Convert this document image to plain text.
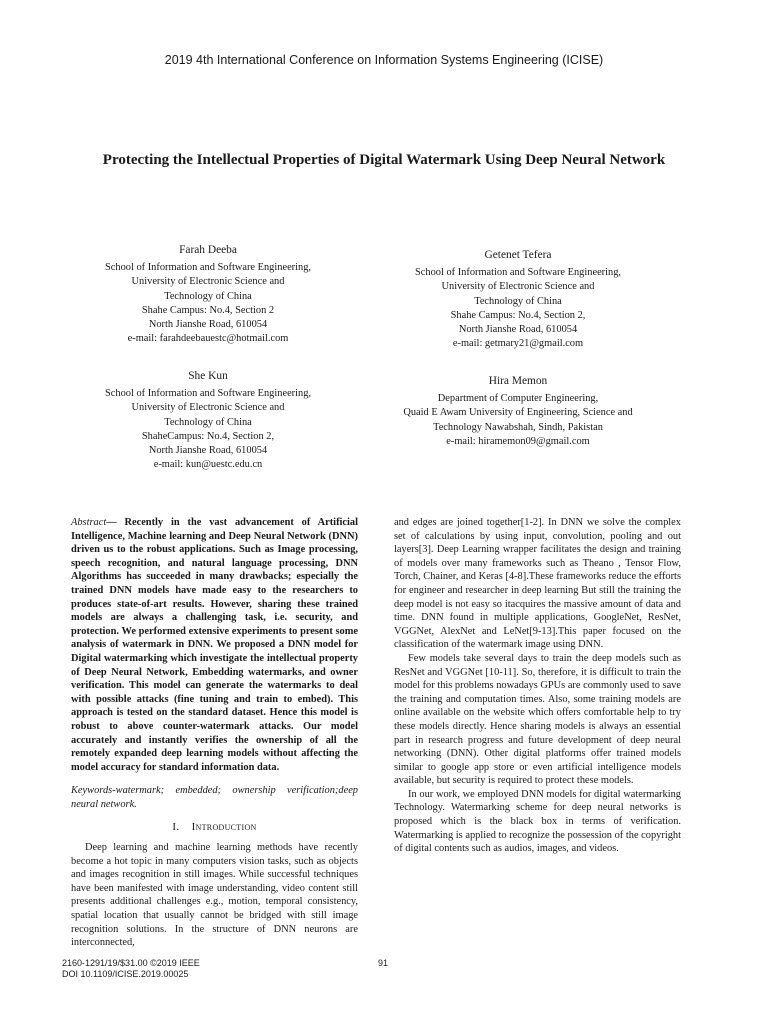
2019 4th International Conference on Information Systems Engineering (ICISE)
Protecting the Intellectual Properties of Digital Watermark Using Deep Neural Network
Farah Deeba
School of Information and Software Engineering,
University of Electronic Science and
Technology of China
Shahe Campus: No.4, Section 2
North Jianshe Road, 610054
e-mail: farahdeebauestc@hotmail.com
Getenet Tefera
School of Information and Software Engineering,
University of Electronic Science and
Technology of China
Shahe Campus: No.4, Section 2,
North Jianshe Road, 610054
e-mail: getmary21@gmail.com
She Kun
School of Information and Software Engineering,
University of Electronic Science and
Technology of China
ShaheCampus: No.4, Section 2,
North Jianshe Road, 610054
e-mail: kun@uestc.edu.cn
Hira Memon
Department of Computer Engineering,
Quaid E Awam University of Engineering, Science and
Technology Nawabshah, Sindh, Pakistan
e-mail: hiramemon09@gmail.com

Abstract— Recently in the vast advancement of Artificial Intelligence, Machine learning and Deep Neural Network (DNN) driven us to the robust applications. Such as Image processing, speech recognition, and natural language processing, DNN Algorithms has succeeded in many drawbacks; especially the trained DNN models have made easy to the researchers to produces state-of-art results. However, sharing these trained models are always a challenging task, i.e. security, and protection. We performed extensive experiments to present some analysis of watermark in DNN. We proposed a DNN model for Digital watermarking which investigate the intellectual property of Deep Neural Network, Embedding watermarks, and owner verification. This model can generate the watermarks to deal with possible attacks (fine tuning and train to embed). This approach is tested on the standard dataset. Hence this model is robust to above counter-watermark attacks. Our model accurately and instantly verifies the ownership of all the remotely expanded deep learning models without affecting the model accuracy for standard information data.

Keywords-watermark; embedded; ownership verification;deep neural network.

I. Introduction

Deep learning and machine learning methods have recently become a hot topic in many computers vision tasks, such as objects and images recognition in still images. While successful techniques have been manifested with image understanding, video content still presents additional challenges e.g., motion, temporal consistency, spatial location that usually cannot be bridged with still image recognition solutions. In the structure of DNN neurons are interconnected,

and edges are joined together[1-2]. In DNN we solve the complex set of calculations by using input, convolution, pooling and out layers[3]. Deep Learning wrapper facilitates the design and training of models over many frameworks such as Theano , Tensor Flow, Torch, Chainer, and Keras [4-8].These frameworks reduce the efforts for engineer and researcher in deep learning But still the training the deep model is not easy so itacquires the massive amount of data and time. DNN found in multiple applications, GoogleNet, ResNet, VGGNet, AlexNet and LeNet[9-13].This paper focused on the classification of the watermark image using DNN.

Few models take several days to train the deep models such as ResNet and VGGNet [10-11]. So, therefore, it is difficult to train the model for this problems nowadays GPUs are commonly used to save the training and computation times. Also, some training models are online available on the website which offers comfortable help to try these models directly. Hence sharing models is always an essential part in research progress and future development of deep neural networking (DNN). Other digital platforms offer trained models similar to google app store or even artificial intelligence models available, but security is required to protect these models.

In our work, we employed DNN models for digital watermarking Technology. Watermarking scheme for deep neural networks is proposed which is the black box in terms of verification. Watermarking is applied to recognize the possession of the copyright of digital contents such as audios, images, and videos.

2160-1291/19/$31.00 ©2019 IEEE
DOI 10.1109/ICISE.2019.00025
91
